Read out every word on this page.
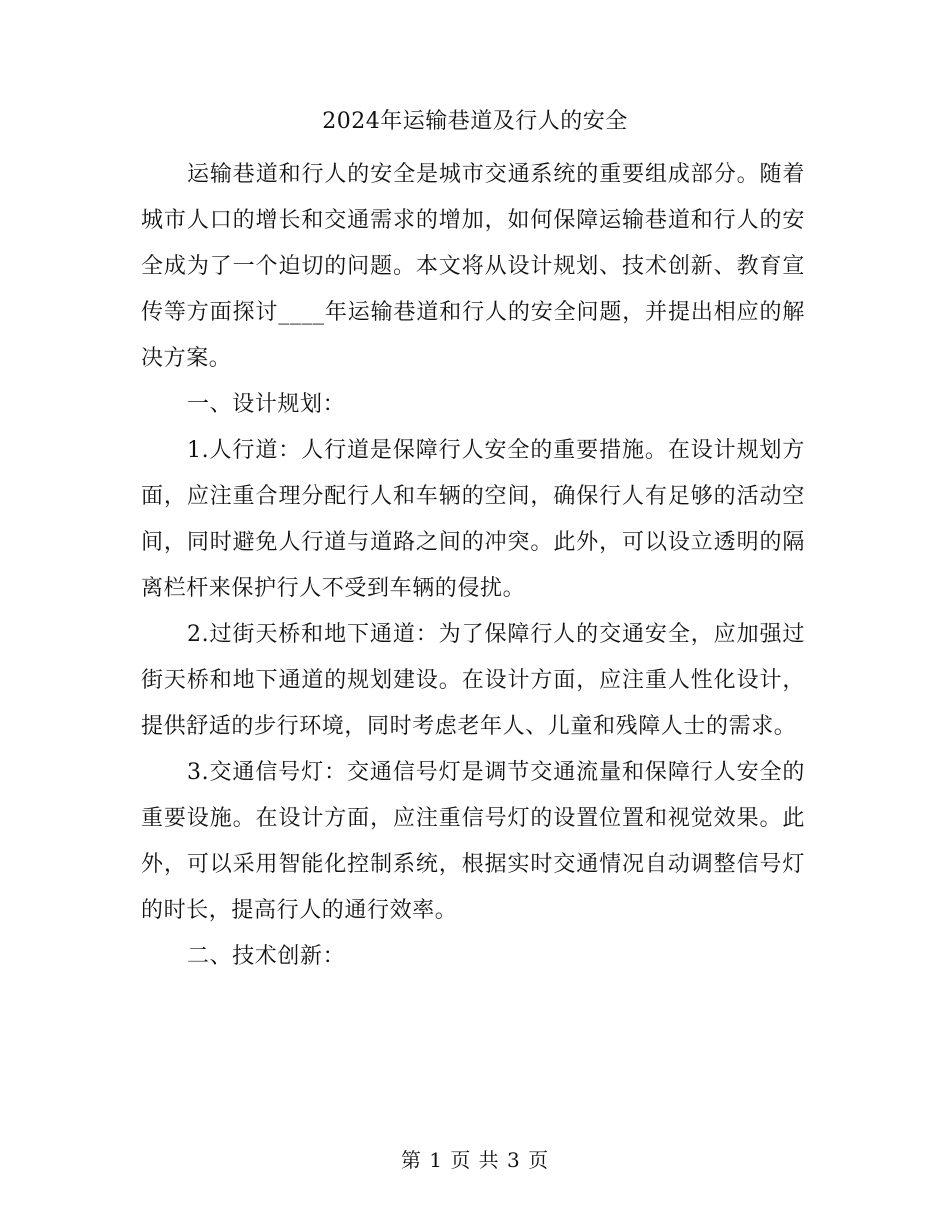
2024年运输巷道及行人的安全

运输巷道和行人的安全是城市交通系统的重要组成部分。随着城市人口的增长和交通需求的增加，如何保障运输巷道和行人的安全成为了一个迫切的问题。本文将从设计规划、技术创新、教育宣传等方面探讨____年运输巷道和行人的安全问题，并提出相应的解决方案。

一、设计规划：

1.人行道：人行道是保障行人安全的重要措施。在设计规划方面，应注重合理分配行人和车辆的空间，确保行人有足够的活动空间，同时避免人行道与道路之间的冲突。此外，可以设立透明的隔离栏杆来保护行人不受到车辆的侵扰。

2.过街天桥和地下通道：为了保障行人的交通安全，应加强过街天桥和地下通道的规划建设。在设计方面，应注重人性化设计，提供舒适的步行环境，同时考虑老年人、儿童和残障人士的需求。

3.交通信号灯：交通信号灯是调节交通流量和保障行人安全的重要设施。在设计方面，应注重信号灯的设置位置和视觉效果。此外，可以采用智能化控制系统，根据实时交通情况自动调整信号灯的时长，提高行人的通行效率。

二、技术创新：

第 1 页 共 3 页
